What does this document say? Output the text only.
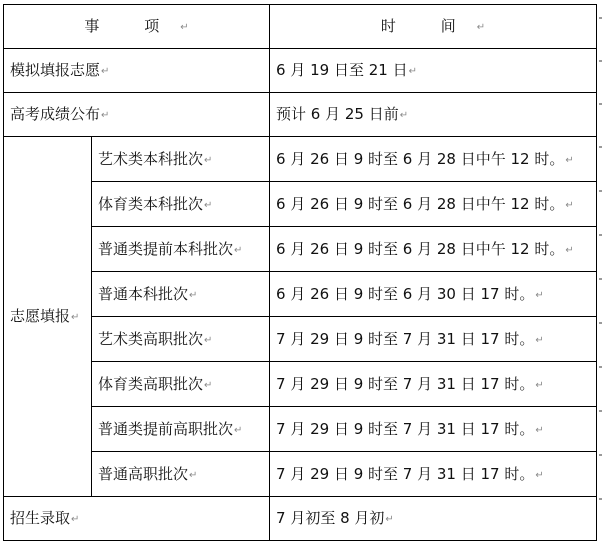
事 项↵		时 间↵
模拟填报志愿↵		6 月 19 日至 21 日↵
高考成绩公布↵		预计 6 月 25 日前↵
志愿填报↵	艺术类本科批次↵	6 月 26 日 9 时至 6 月 28 日中午 12 时。↵
	体育类本科批次↵	6 月 26 日 9 时至 6 月 28 日中午 12 时。↵
	普通类提前本科批次↵	6 月 26 日 9 时至 6 月 28 日中午 12 时。↵
	普通本科批次↵	6 月 26 日 9 时至 6 月 30 日 17 时。↵
	艺术类高职批次↵	7 月 29 日 9 时至 7 月 31 日 17 时。↵
	体育类高职批次↵	7 月 29 日 9 时至 7 月 31 日 17 时。↵
	普通类提前高职批次↵	7 月 29 日 9 时至 7 月 31 日 17 时。↵
	普通高职批次↵	7 月 29 日 9 时至 7 月 31 日 17 时。↵
招生录取↵		7 月初至 8 月初↵
